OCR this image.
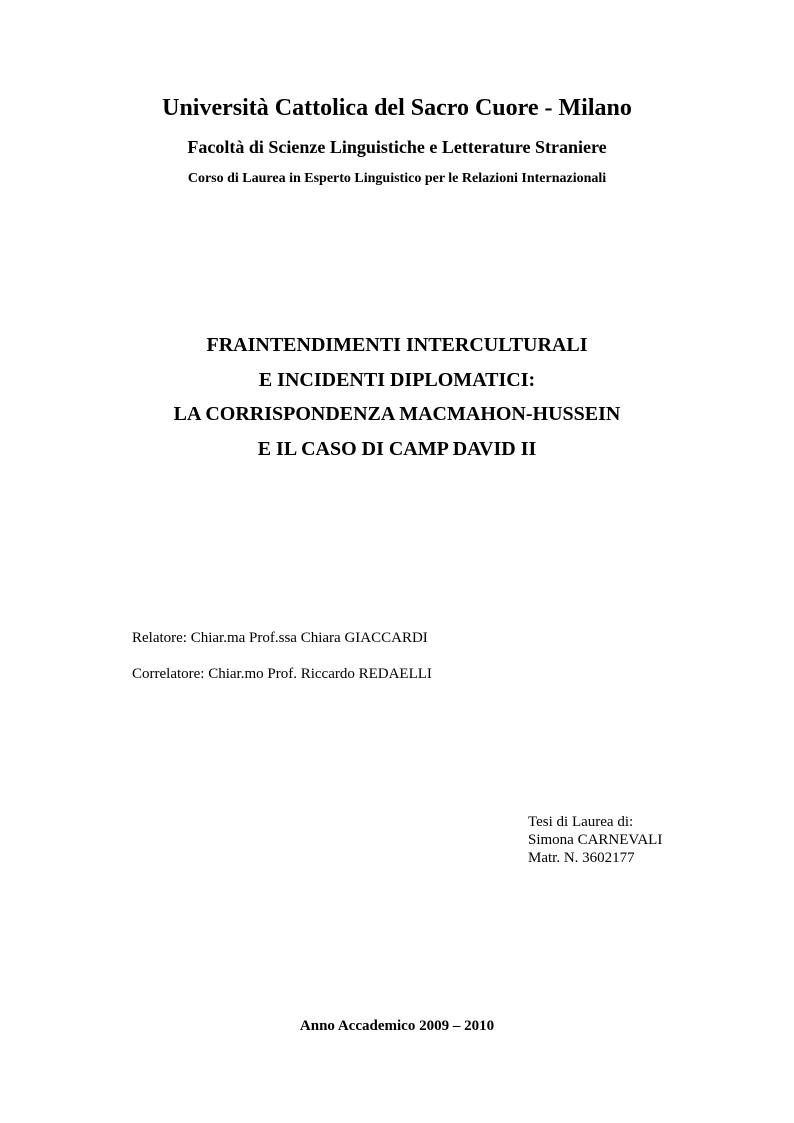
Università Cattolica del Sacro Cuore - Milano
Facoltà di Scienze Linguistiche e Letterature Straniere
Corso di Laurea in Esperto Linguistico per le Relazioni Internazionali
FRAINTENDIMENTI INTERCULTURALI
E INCIDENTI DIPLOMATICI:
LA CORRISPONDENZA MACMAHON-HUSSEIN
E IL CASO DI CAMP DAVID II
Relatore: Chiar.ma Prof.ssa Chiara GIACCARDI
Correlatore: Chiar.mo Prof. Riccardo REDAELLI
Tesi di Laurea di:
Simona CARNEVALI
Matr. N. 3602177
Anno Accademico 2009 – 2010
